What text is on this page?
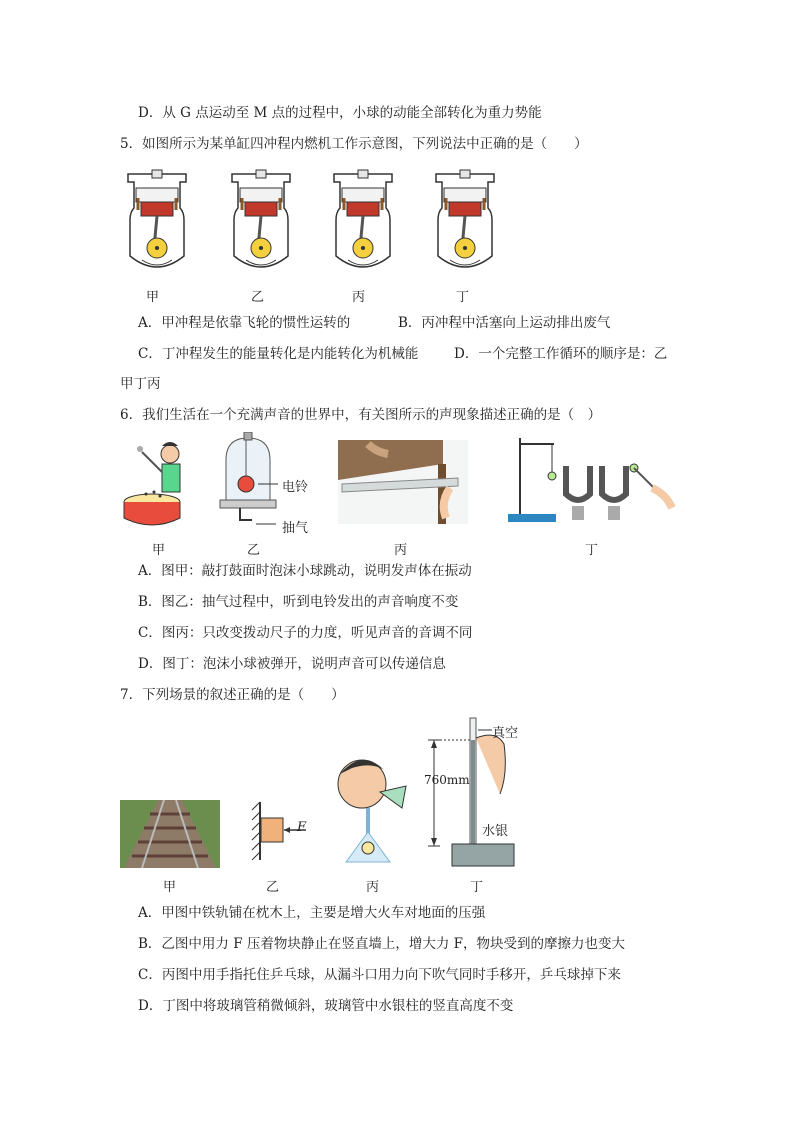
D．从 G 点运动至 M 点的过程中，小球的动能全部转化为重力势能
5．如图所示为某单缸四冲程内燃机工作示意图，下列说法中正确的是（　　）
甲	乙	丙	丁
A．甲冲程是依靠飞轮的惯性运转的	B．丙冲程中活塞向上运动排出废气
C．丁冲程发生的能量转化是内能转化为机械能	D．一个完整工作循环的顺序是：乙
甲丁丙
6．我们生活在一个充满声音的世界中，有关图所示的声现象描述正确的是（　）
电铃
抽气
甲	乙	丙	丁
A．图甲：敲打鼓面时泡沫小球跳动，说明发声体在振动
B．图乙：抽气过程中，听到电铃发出的声音响度不变
C．图丙：只改变拨动尺子的力度，听见声音的音调不同
D．图丁：泡沫小球被弹开，说明声音可以传递信息
7．下列场景的叙述正确的是（　　）
F
真空
760mm
水银
甲	乙	丙	丁
A．甲图中铁轨铺在枕木上，主要是增大火车对地面的压强
B．乙图中用力 F 压着物块静止在竖直墙上，增大力 F，物块受到的摩擦力也变大
C．丙图中用手指托住乒乓球，从漏斗口用力向下吹气同时手移开，乒乓球掉下来
D．丁图中将玻璃管稍微倾斜，玻璃管中水银柱的竖直高度不变
